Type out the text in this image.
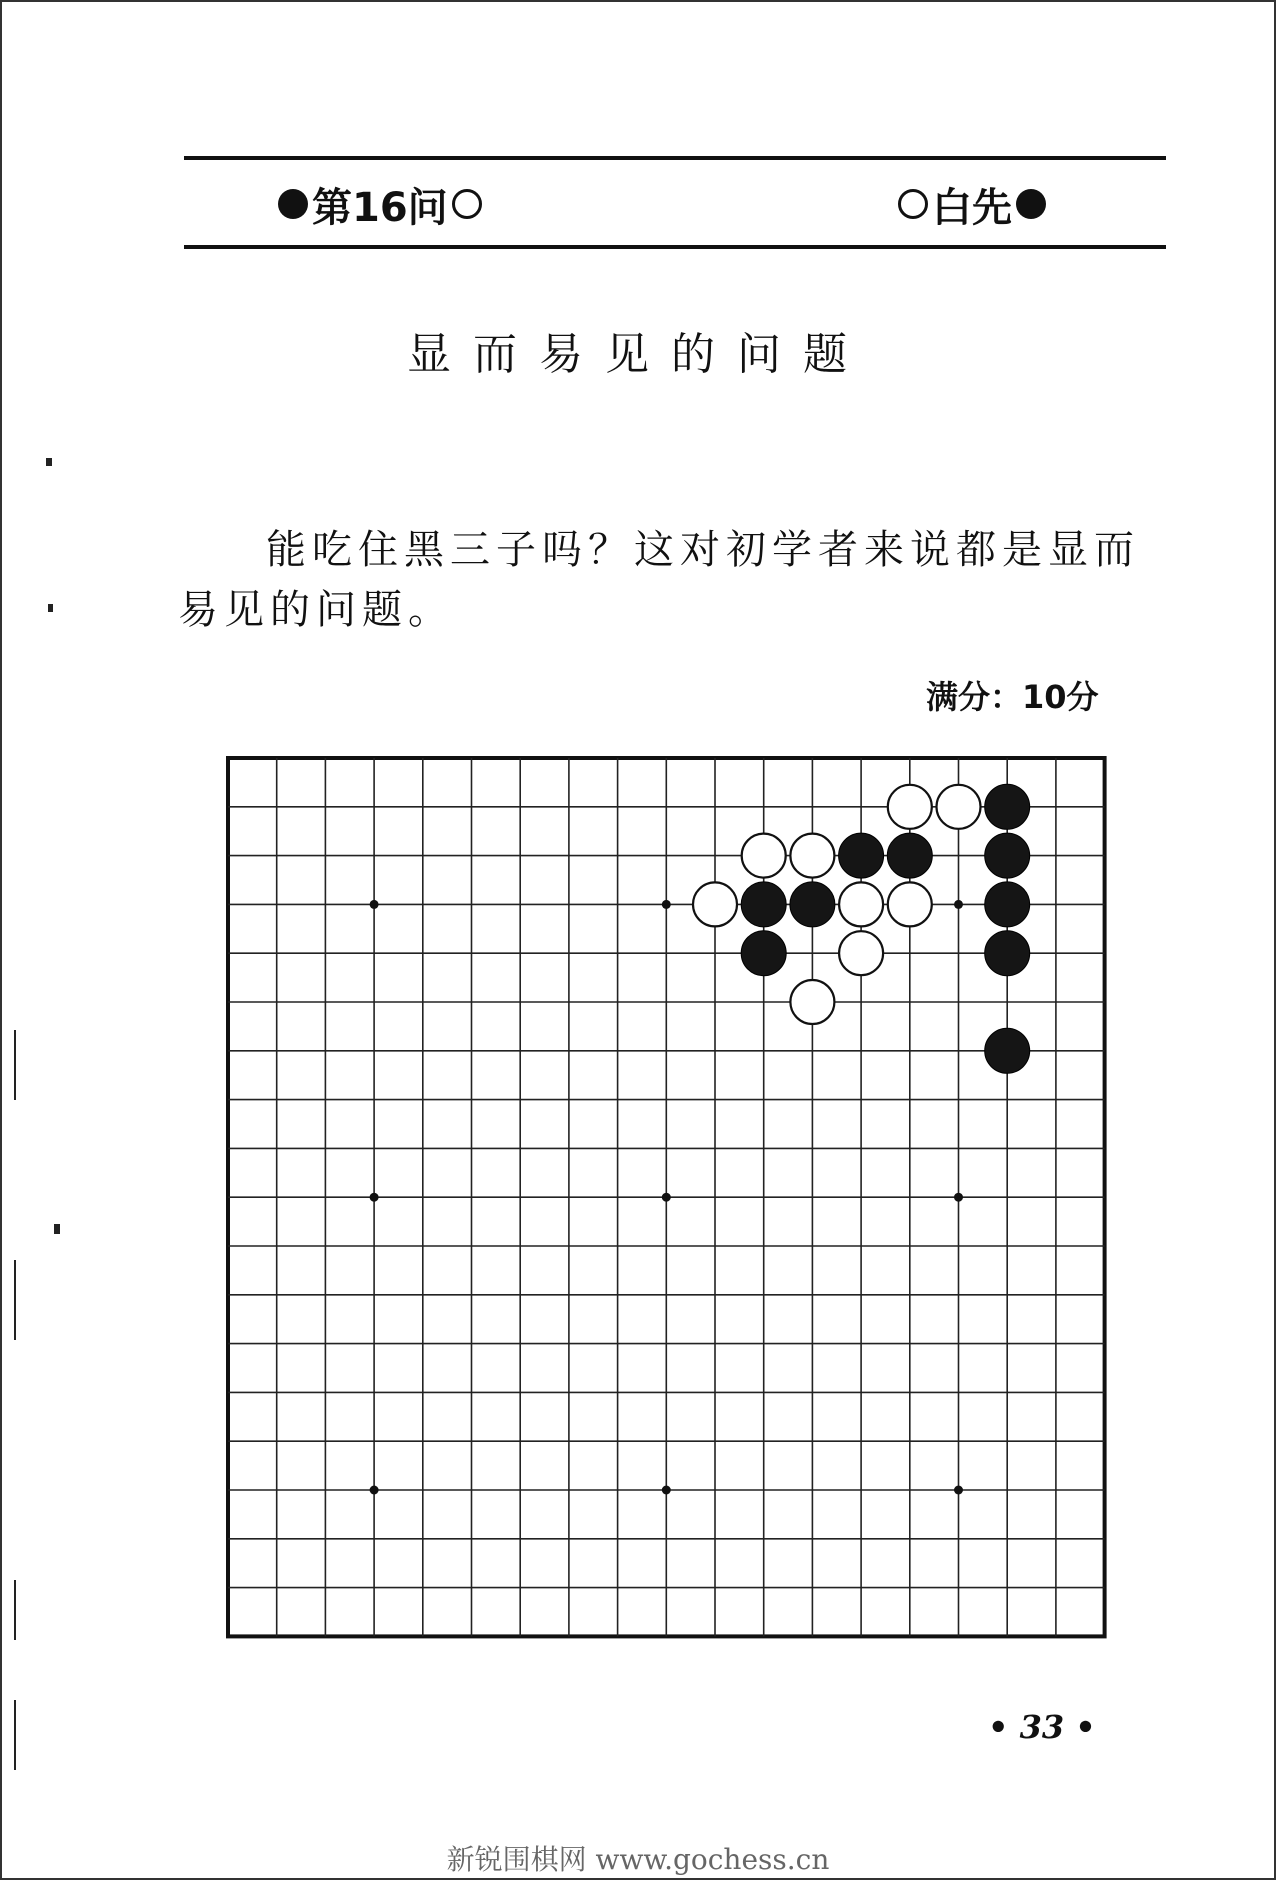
第16问	白先
显而易见的问题
能吃住黑三子吗？这对初学者来说都是显而易见的问题。
满分：10分
• 33 •
新锐围棋网 www.gochess.cn
